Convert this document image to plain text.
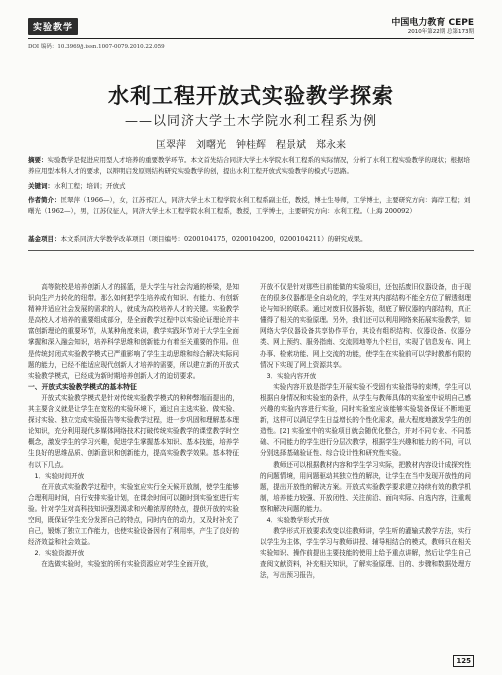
实验教学	中国电力教育 CEPE
2010年第22期 总第173期
DOI 编码：10.3969/j.issn.1007-0079.2010.22.059
水利工程开放式实验教学探索
——以同济大学土木学院水利工程系为例
匡翠萍　刘曙光　钟桂辉　程景斌　郑永来
摘要：实验教学是促进应用型人才培养的重要教学环节。本文首先结合同济大学土木学院水利工程系的实际情况，分析了水利工程实验教学的现状；根据培养应用型本科人才的要求，以辩明启发原则结构研究实验教学的创，提出水利工程开放式实验教学的模式与思路。
关键词：水利工程；培训；开放式
作者简介：匡翠萍（1966—），女，江苏邗江人，同济大学土木工程学院水利工程系副主任，教授，博士生导师，工学博士，主要研究方向：海岸工程；刘曙光（1962—），男，江苏仪征人，同济大学土木工程学院水利工程系，教授，工学博士，主要研究方向：水利工程。（上海 200092）
基金项目：本文系同济大学教学改革项目（项目编号：0200104175，0200104200，0200104211）的研究成果。

高等院校是培养创新人才的摇篮，是大学生与社会沟通的桥梁，是知识向生产力转化的纽带。那么如何把学生培养成有知识、有能力、有创新精神并适应社会发展的需求的人，就成为高校培养人才的关键。实验教学是高校人才培养的重要组成部分，是全面教学过程中以实验论证理论并丰富创新理论的重要环节，从某种角度来讲，教学实践环节对于大学生全面掌握和深入融会知识，培养科学思维和创新能力有着至关重要的作用。但是传统封闭式实验教学模式已严重影响了学生主动思维和综合解决实际问题的能力，已经不能适应现代创新人才培养的需要，所以建立新的开放式实验教学模式，已经成为新时期培养创新人才的迫切要求。

一、开放式实验教学模式的基本特征

开放式实验教学模式是针对传统实验教学模式的种种弊端而提出的，其主要含义就是让学生在宽松的实验环境下，通过自主选实验、做实验、探讨实验、独立完成实验报告等实验教学过程，进一步巩固和理解基本理论知识，充分利用现代多媒体网络技术打破传统实验教学的课堂教学时空概念，激发学生的学习兴趣，促进学生掌握基本知识、基本技能，培养学生良好的思维品质、创新意识和创新能力，提高实验教学效果。基本特征有以下几点。

1．实验时间开放

在开放式实验教学过程中，实验室应实行全天候开放制，使学生能够合理利用时间，自行安排实验计划，在课余时间可以随时到实验室进行实验。针对学生对高科技知识强烈渴求和兴趣浓厚的特点，提供开放的实验空间，既保证学生充分发挥自己的特点，同时内在的动力，又及时补充了自己，锻炼了独立工作能力，也使实验设备因有了利用率，产生了良好的经济效益和社会效益。

2．实验资源开放

在选做实验时，实验室的所有实验资源应对学生全面开放，

开放不仅是针对那些目前能做的实验项目，还包括废旧仪器设备，由于现在的很多仪器都是全自动化的，学生对其内部结构不能全方位了解透彻理论与知识的联系。通过对废旧仪器拆装，彻底了解仪器的内部结构，真正懂得了相关的实验原理。另外，我们还可以利用网络来拓展实验教学，如网络大学仪器设备共享协作平台，其设有组织结构、仪器设备、仪器分类、网上预约、服务指南、交流园地等九个栏目，实现了信息发布、网上办事、检索功能、网上交流的功能，使学生在实验前可以学时教都有限的情况下实现了网上资源共享。

3．实验内容开放

实验内容开放是指学生开展实验不受固有实验指导的束缚，学生可以根据自身情况和实验室的条件，从学生与教师具体的实验室中说明自己感兴趣的实验内容进行实验，同时实验室应该能够实验装备保证不断地更新，这样可以满足学生日益增长的个性化需求，最大程度地激发学生的创造性。[2] 实验室中的实验项目就会随优化整合，并对不同专业、不同基础、不同能力的学生进行分层次教学，根据学生兴趣和能力的不同，可以分别选择基础验证性、综合设计性和研究性实验。

教师还可以根据教材内容和学生学习实际，把教材内容设计成探究性的问题情境，用问题驱动其独立性的解决，让学生在当中发现开放性的问题，提出开放性的解决方案。开放式实验教学要求建立持续有效的教学机制，培养能力较强、开放闭性、关注前沿、面向实际、自选内容，注重观察和解决问题的能力。

4．实验教学形式开放

教学形式开放要求改变以往教师讲，学生听的灌输式教学方法，实行以学生为主体，学生学习与教师讲授、辅导相结合的模式，教师只在相关实验知识、操作前提出主要技能的使用上给予重点讲解，然后让学生自己查阅文献资料，补充相关知识，了解实验原理、目的、步骤和数据处理方法，写出预习报告，

125
